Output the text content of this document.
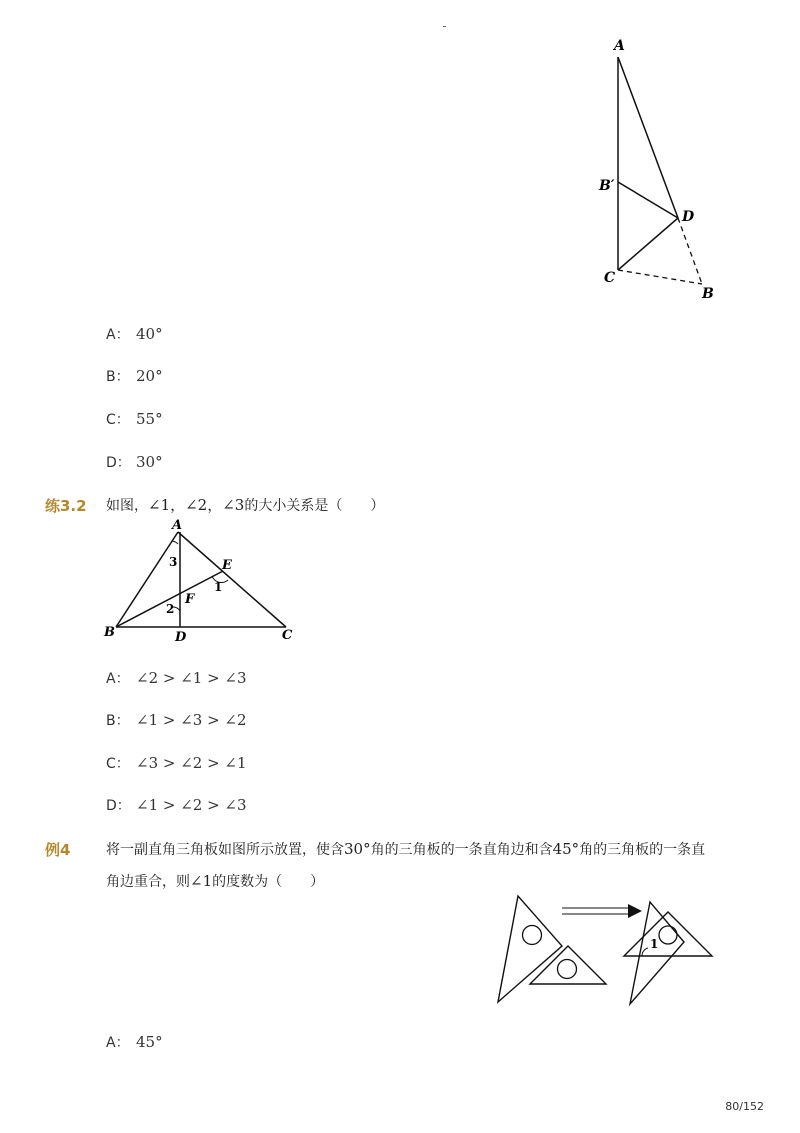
A
B′
D
C
B
A： 40°
B： 20°
C： 55°
D： 30°
练3.2 如图，∠1，∠2，∠3的大小关系是（　　）
A
B	C
D
E
F
1
2
3
A： ∠2 > ∠1 > ∠3
B： ∠1 > ∠3 > ∠2
C： ∠3 > ∠2 > ∠1
D： ∠1 > ∠2 > ∠3
例4	将一副直角三角板如图所示放置，使含30°角的三角板的一条直角边和含45°角的三角板的一条直
角边重合，则∠1的度数为（　　）
1
A： 45°
80/152
